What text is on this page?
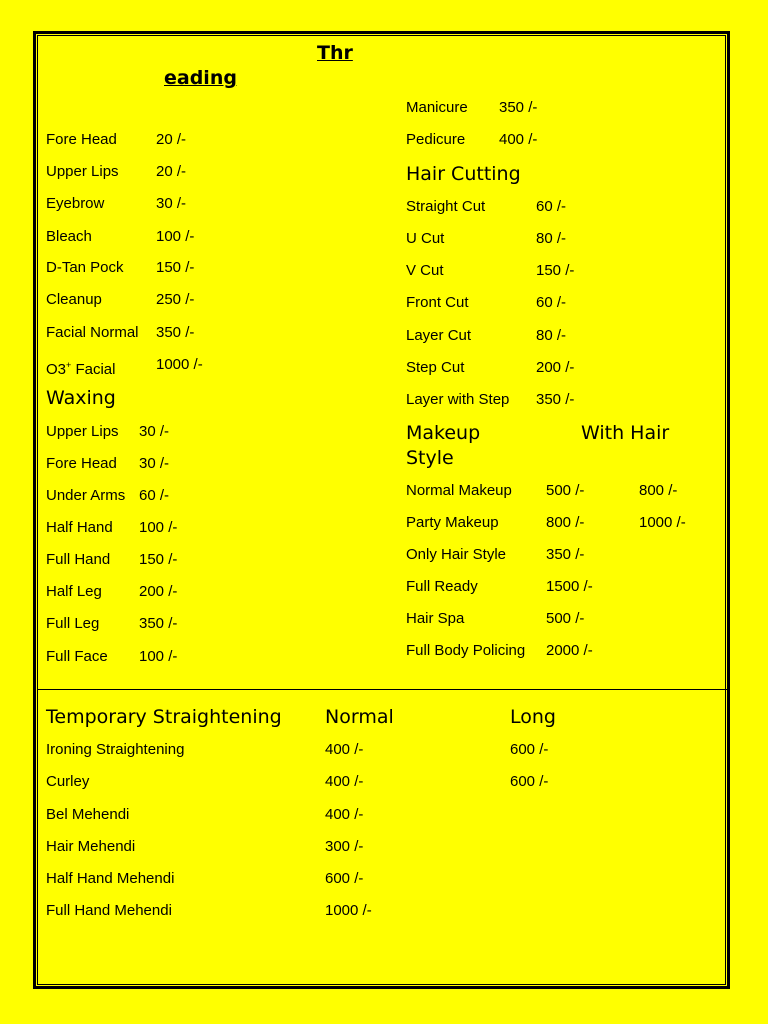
Thr
eading
Fore Head	20 /-
Upper Lips 20 /-
Eyebrow	30 /-
Bleach	100 /-
D-Tan Pock 150 /-
Cleanup	250 /-
Facial Normal 350 /-
O3+ Facial	1000 /-
Waxing
Upper Lips 30 /-
Fore Head 30 /-
Under Arms 60 /-
Half Hand 100 /-
Full Hand 150 /-
Half Leg 200 /-
Full Leg	350 /-
Full Face 100 /-
Manicure 350 /-
Pedicure 400 /-
Hair Cutting
Straight Cut	60 /-
U Cut	80 /-
V Cut	150 /-
Front Cut	60 /-
Layer Cut	80 /-
Step Cut	200 /-
Layer with Step 350 /-
Makeup	With Hair
Style
Normal Makeup 500 /-	800 /-
Party Makeup	800 /-	1000 /-
Only Hair Style	350 /-
Full Ready	1500 /-
Hair Spa	500 /-
Full Body Policing 2000 /-
Temporary Straightening Normal	Long
Ironing Straightening	400 /-	600 /-
Curley	400 /-	600 /-
Bel Mehendi	400 /-
Hair Mehendi	300 /-
Half Hand Mehendi	600 /-
Full Hand Mehendi	1000 /-
